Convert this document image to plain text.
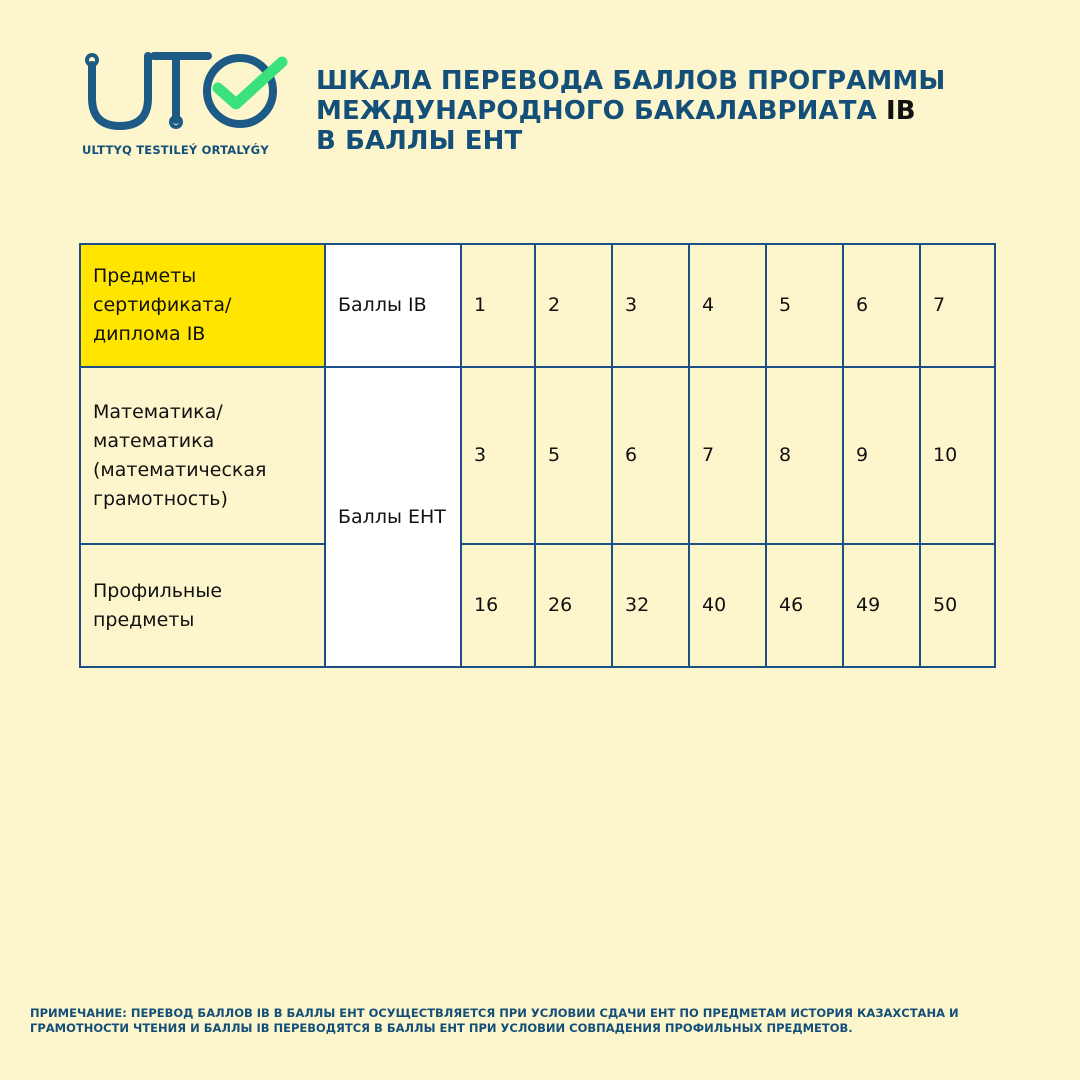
ULTTYQ TESTILEÝ ORTALYǴY
ШКАЛА ПЕРЕВОДА БАЛЛОВ ПРОГРАММЫ
МЕЖДУНАРОДНОГО БАКАЛАВРИАТА IB
В БАЛЛЫ ЕНТ
Предметы сертификата/ диплома IB	Баллы IB	1	2	3	4	5	6	7
Математика/ математика (математическая грамотность)	Баллы ЕНТ	3	5	6	7	8	9	10
Профильные предметы		16	26	32	40	46	49	50
ПРИМЕЧАНИЕ: ПЕРЕВОД БАЛЛОВ IB В БАЛЛЫ ЕНТ ОСУЩЕСТВЛЯЕТСЯ ПРИ УСЛОВИИ СДАЧИ ЕНТ ПО ПРЕДМЕТАМ ИСТОРИЯ КАЗАХСТАНА И ГРАМОТНОСТИ ЧТЕНИЯ И БАЛЛЫ IB ПЕРЕВОДЯТСЯ В БАЛЛЫ ЕНТ ПРИ УСЛОВИИ СОВПАДЕНИЯ ПРОФИЛЬНЫХ ПРЕДМЕТОВ.
